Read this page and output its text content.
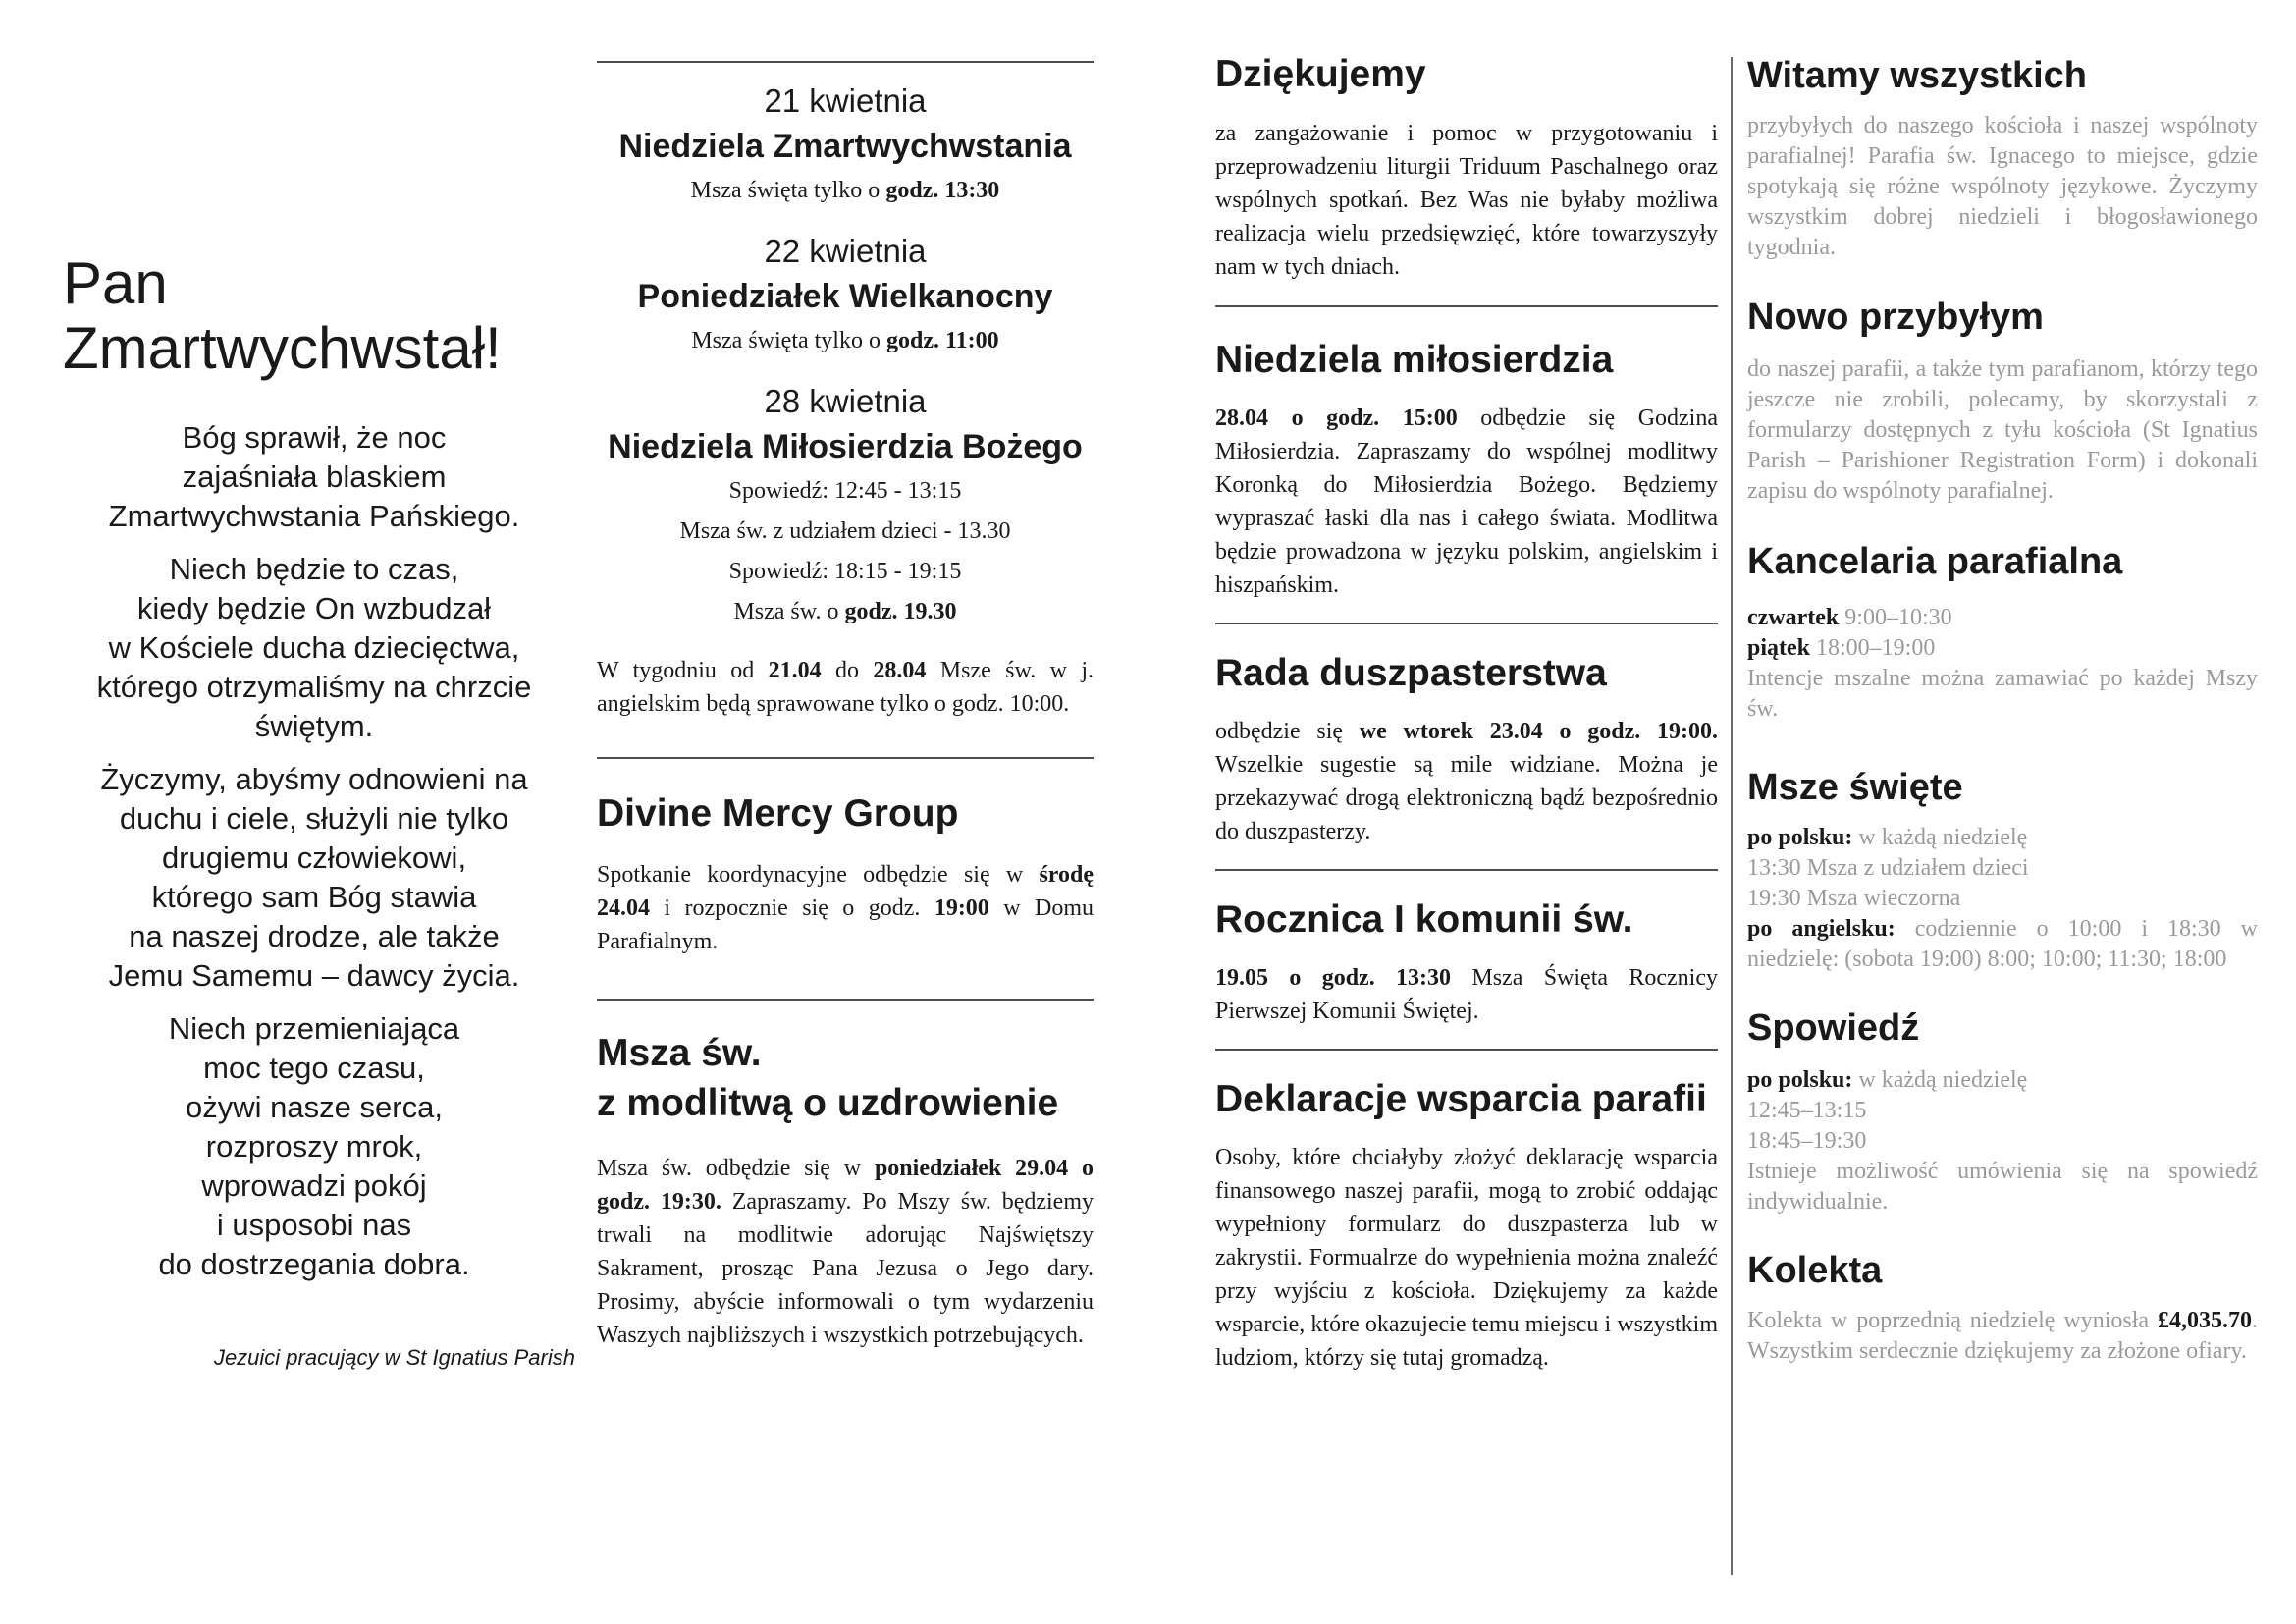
Pan Zmartwychwstał!
Bóg sprawił, że noc
zajaśniała blaskiem
Zmartwychwstania Pańskiego.
Niech będzie to czas,
kiedy będzie On wzbudzał
w Kościele ducha dziecięctwa,
którego otrzymaliśmy na chrzcie
świętym.
Życzymy, abyśmy odnowieni na
duchu i ciele, służyli nie tylko
drugiemu człowiekowi,
którego sam Bóg stawia
na naszej drodze, ale także
Jemu Samemu – dawcy życia.
Niech przemieniająca
moc tego czasu,
ożywi nasze serca,
rozproszy mrok,
wprowadzi pokój
i usposobi nas
do dostrzegania dobra.
Jezuici pracujący w St Ignatius Parish
21 kwietnia
Niedziela Zmartwychwstania
Msza święta tylko o godz. 13:30
22 kwietnia
Poniedziałek Wielkanocny
Msza święta tylko o godz. 11:00
28 kwietnia
Niedziela Miłosierdzia Bożego
Spowiedź: 12:45 - 13:15
Msza św. z udziałem dzieci - 13.30
Spowiedź: 18:15 - 19:15
Msza św. o godz. 19.30
W tygodniu od 21.04 do 28.04 Msze św. w j. angielskim będą sprawowane tylko o godz. 10:00.
Divine Mercy Group
Spotkanie koordynacyjne odbędzie się w środę 24.04 i rozpocznie się o godz. 19:00 w Domu Parafialnym.
Msza św.
z modlitwą o uzdrowienie
Msza św. odbędzie się w poniedziałek 29.04 o godz. 19:30. Zapraszamy. Po Mszy św. będziemy trwali na modlitwie adorując Najświętszy Sakrament, prosząc Pana Jezusa o Jego dary. Prosimy, abyście informowali o tym wydarzeniu Waszych najbliższych i wszystkich potrzebujących.
Dziękujemy
za zangażowanie i pomoc w przygotowaniu i przeprowadzeniu liturgii Triduum Paschalnego oraz wspólnych spotkań. Bez Was nie byłaby możliwa realizacja wielu przedsięwzięć, które towarzyszyły nam w tych dniach.
Niedziela miłosierdzia
28.04 o godz. 15:00 odbędzie się Godzina Miłosierdzia. Zapraszamy do wspólnej modlitwy Koronką do Miłosierdzia Bożego. Będziemy wypraszać łaski dla nas i całego świata. Modlitwa będzie prowadzona w języku polskim, angielskim i hiszpańskim.
Rada duszpasterstwa
odbędzie się we wtorek 23.04 o godz. 19:00. Wszelkie sugestie są mile widziane. Można je przekazywać drogą elektroniczną bądź bezpośrednio do duszpasterzy.
Rocznica I komunii św.
19.05 o godz. 13:30 Msza Święta Rocznicy Pierwszej Komunii Świętej.
Deklaracje wsparcia parafii
Osoby, które chciałyby złożyć deklarację wsparcia finansowego naszej parafii, mogą to zrobić oddając wypełniony formularz do duszpasterza lub w zakrystii. Formualrze do wypełnienia można znaleźć przy wyjściu z kościoła. Dziękujemy za każde wsparcie, które okazujecie temu miejscu i wszystkim ludziom, którzy się tutaj gromadzą.
Witamy wszystkich
przybyłych do naszego kościoła i naszej wspólnoty parafialnej! Parafia św. Ignacego to miejsce, gdzie spotykają się różne wspólnoty językowe. Życzymy wszystkim dobrej niedzieli i błogosławionego tygodnia.
Nowo przybyłym
do naszej parafii, a także tym parafianom, którzy tego jeszcze nie zrobili, polecamy, by skorzystali z formularzy dostępnych z tyłu kościoła (St Ignatius Parish – Parishioner Registration Form) i dokonali zapisu do wspólnoty parafialnej.
Kancelaria parafialna
czwartek 9:00–10:30
piątek 18:00–19:00
Intencje mszalne można zamawiać po każdej Mszy św.
Msze święte
po polsku: w każdą niedzielę
13:30 Msza z udziałem dzieci
19:30 Msza wieczorna
po angielsku: codziennie o 10:00 i 18:30 w niedzielę: (sobota 19:00) 8:00; 10:00; 11:30; 18:00
Spowiedź
po polsku: w każdą niedzielę
12:45–13:15
18:45–19:30
Istnieje możliwość umówienia się na spowiedź indywidualnie.
Kolekta
Kolekta w poprzednią niedzielę wyniosła £4,035.70. Wszystkim serdecznie dziękujemy za złożone ofiary.
